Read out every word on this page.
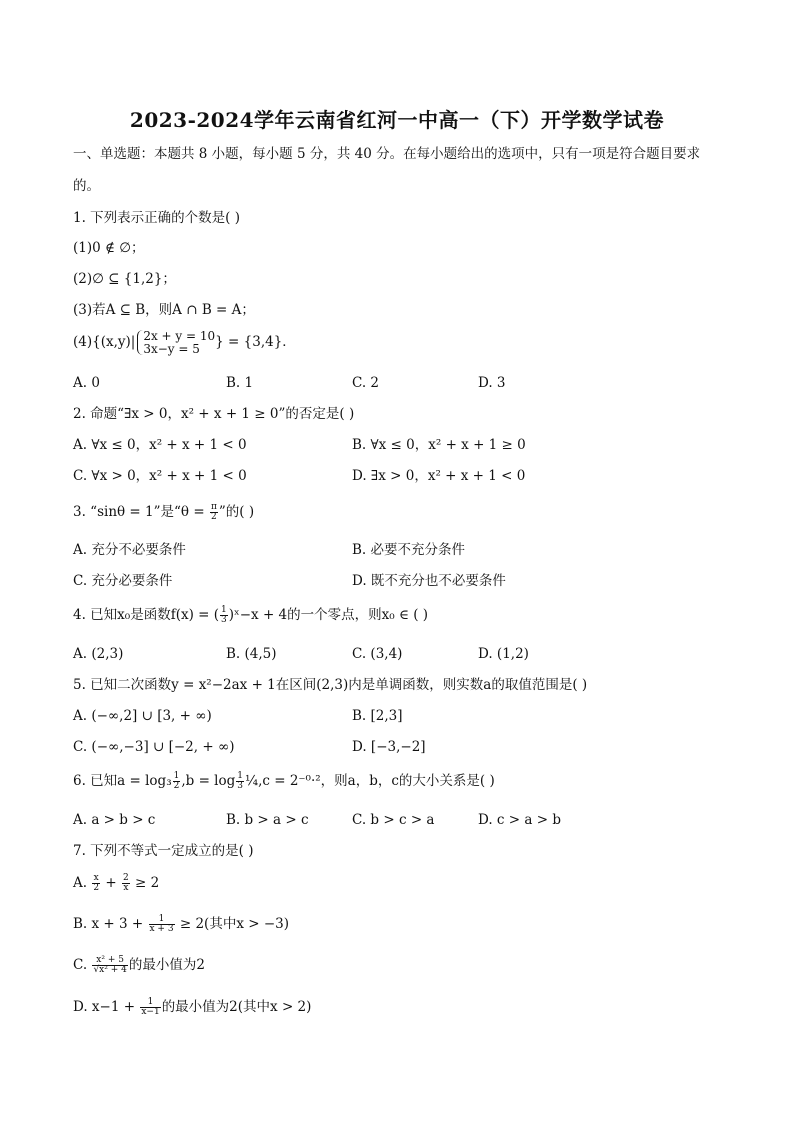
2023-2024学年云南省红河一中高一（下）开学数学试卷
一、单选题：本题共 8 小题，每小题 5 分，共 40 分。在每小题给出的选项中，只有一项是符合题目要求
的。
1. 下列表示正确的个数是( )
(1)0 ∉ ∅；
(2)∅ ⊆ {1,2}；
(3)若A ⊆ B，则A ∩ B = A；
(4){(x,y)| 2x + y = 10
3x−y = 5	} = {3,4}．
A. 0	B. 1	C. 2	D. 3
2. 命题“∃x > 0，x² + x + 1 ≥ 0”的否定是( )
A. ∀x ≤ 0，x² + x + 1 < 0	B. ∀x ≤ 0，x² + x + 1 ≥ 0
C. ∀x > 0，x² + x + 1 < 0	D. ∃x > 0，x² + x + 1 < 0
3. “sinθ = 1”是“$\theta = \frac{\pi}{2}$ ”的( )
A. 充分不必要条件	B. 必要不充分条件
C. 充分必要条件	D. 既不充分也不必要条件
4. 已知x₀是函数f(x) = ( $\frac{1}{3}$ )ˣ−x + 4的一个零点，则x₀ ∈ ( )
A. (2,3)	B. (4,5)	C. (3,4)	D. (1,2)
5. 已知二次函数y = x²−2ax + 1在区间(2,3)内是单调函数，则实数a的取值范围是( )
A. (−∞,2] ∪ [3, + ∞)	B. [2,3]
C. (−∞,−3] ∪ [−2, + ∞)	D. [−3,−2]
6. 已知$a = \log_3 \frac{1}{2} ,b = \log \frac{1}{3}$ ¼,c = 2⁻⁰·²，则a，b，c的大小关系是( )
A. a > b > c	B. b > a > c	C. b > c > a	D. c > a > b
7. 下列不等式一定成立的是( )
A. $\frac{x}{2} + \frac{2}{x} \ge 2$
B. $x + 3 + \frac{1}{x + 3} \ge 2$(其中x > −3)
C. $\frac{\text{x² + 5}}{\text{√x² + 4}}$ 的最小值为2
D. $x-1 + \frac{1}{x-1}$ 的最小值为2(其中x > 2)
